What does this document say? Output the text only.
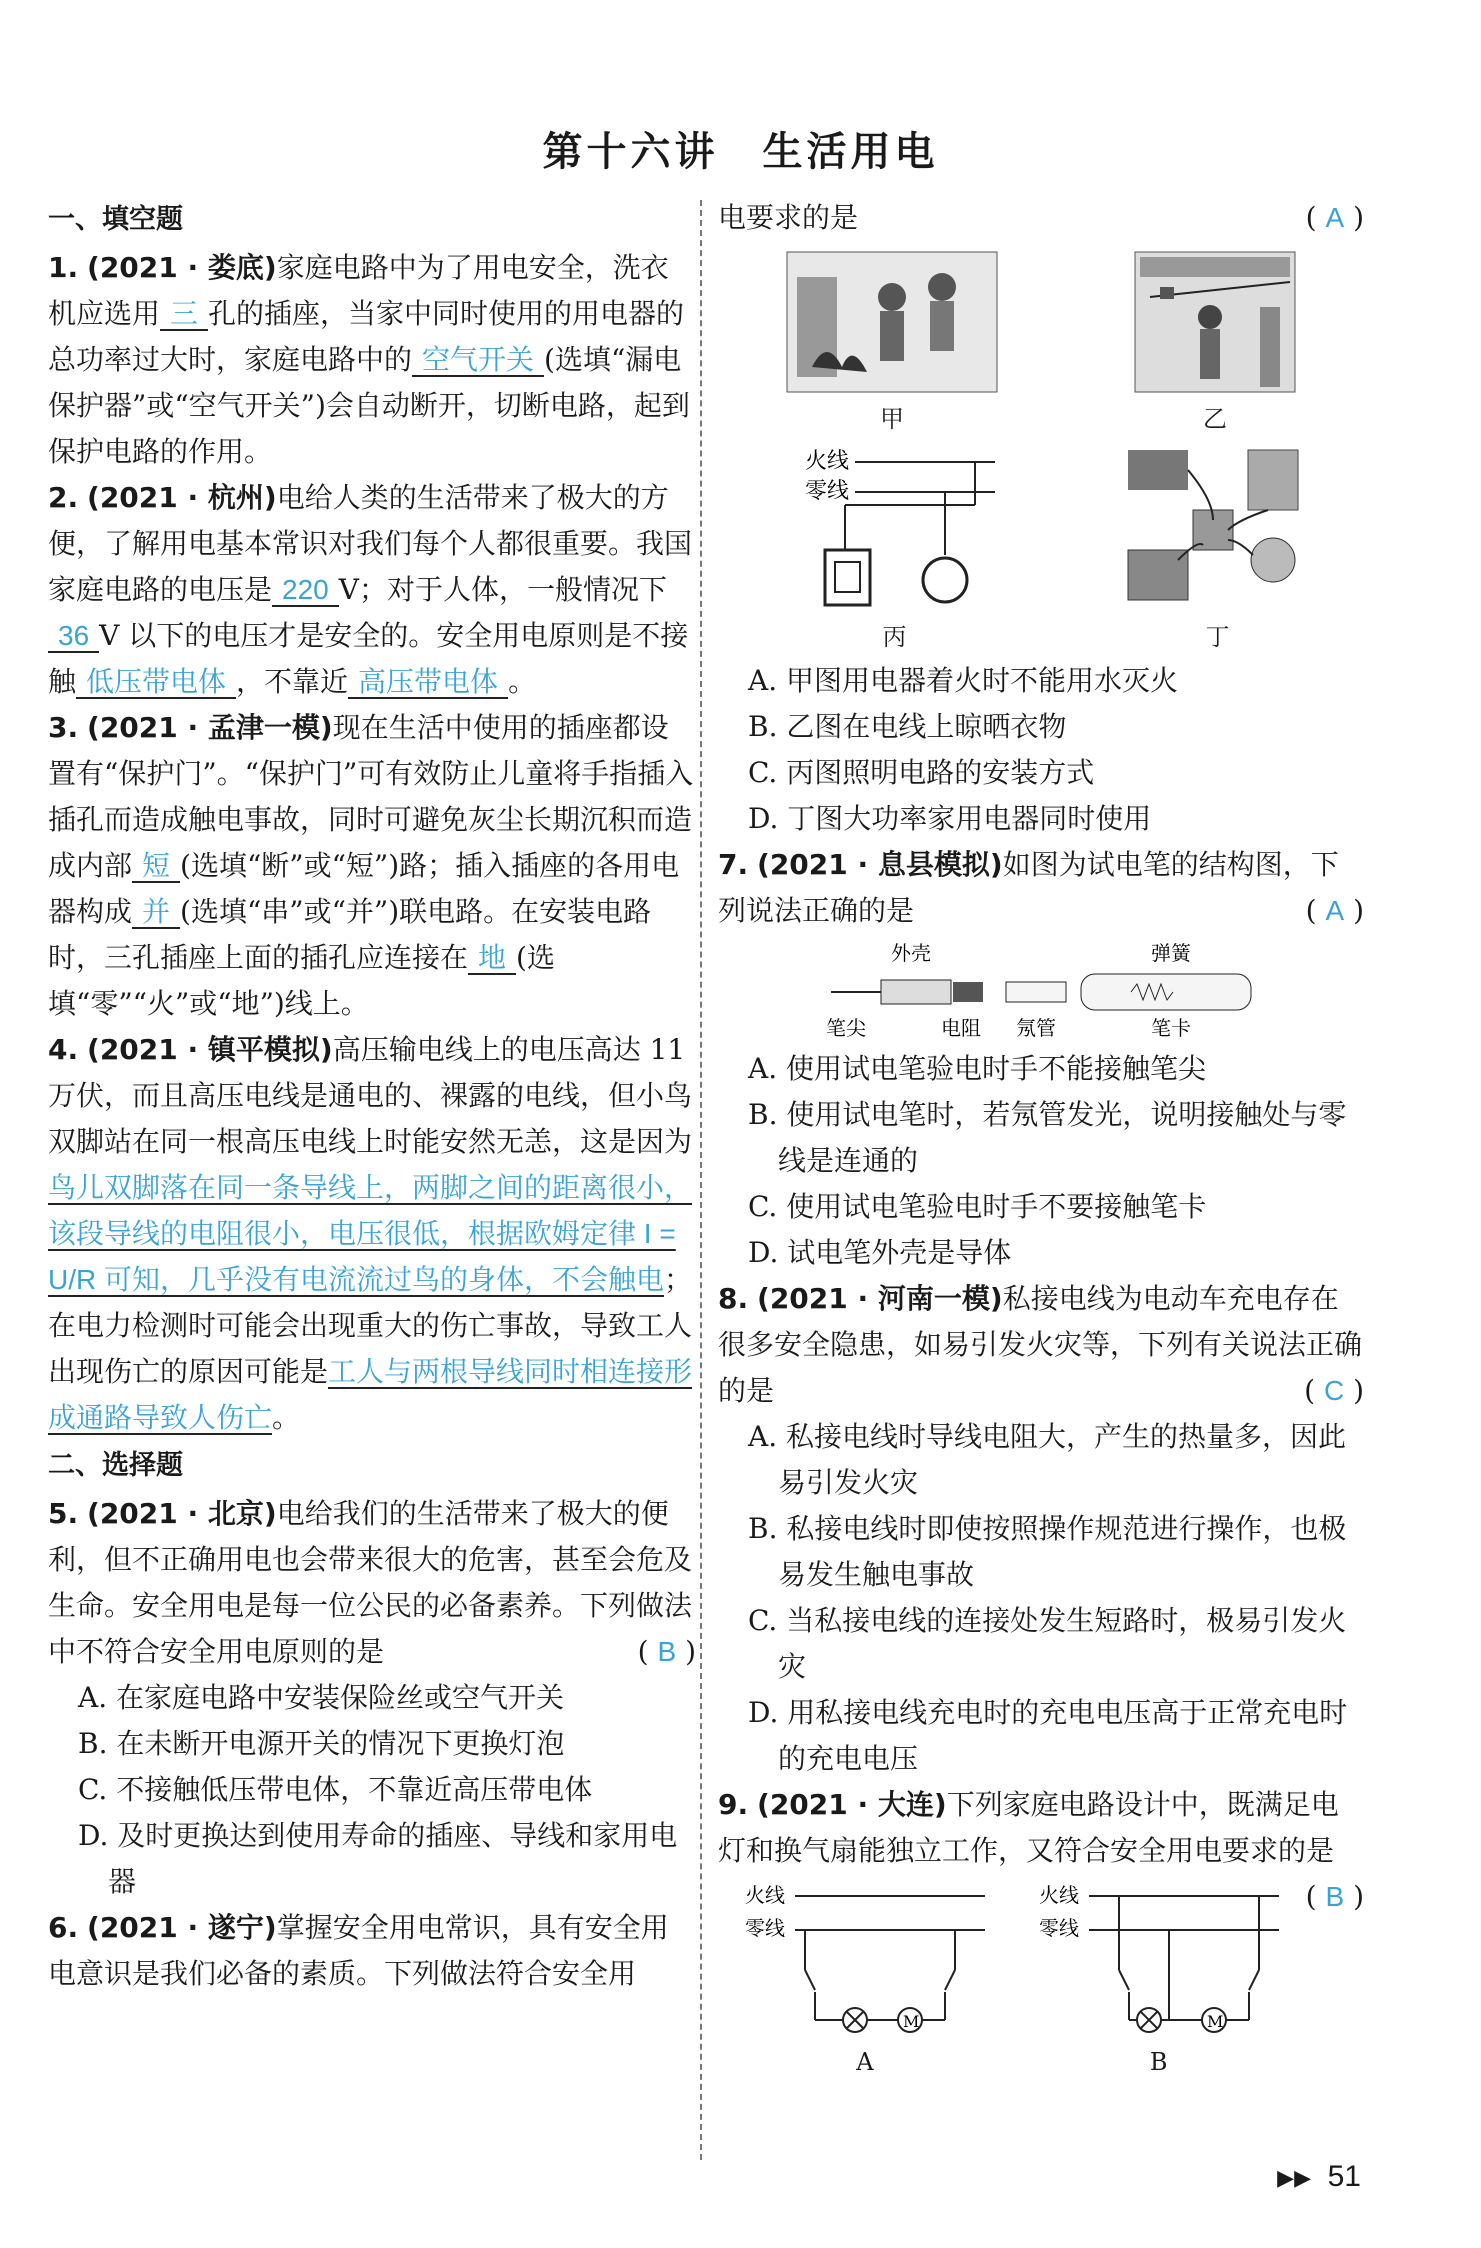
第十六讲　生活用电
一、填空题
1. (2021 · 娄底)家庭电路中为了用电安全，洗衣机应选用 三 孔的插座，当家中同时使用的用电器的总功率过大时，家庭电路中的 空气开关 (选填“漏电保护器”或“空气开关”)会自动断开，切断电路，起到保护电路的作用。
2. (2021 · 杭州)电给人类的生活带来了极大的方便，了解用电基本常识对我们每个人都很重要。我国家庭电路的电压是 220 V；对于人体，一般情况下36 V 以下的电压才是安全的。安全用电原则是不接触 低压带电体 ，不靠近 高压带电体 。
3. (2021 · 孟津一模)现在生活中使用的插座都设置有“保护门”。“保护门”可有效防止儿童将手指插入插孔而造成触电事故，同时可避免灰尘长期沉积而造成内部 短 (选填“断”或“短”)路；插入插座的各用电器构成 并 (选填“串”或“并”)联电路。在安装电路时，三孔插座上面的插孔应连接在 地 (选填“零”“火”或“地”)线上。
4. (2021 · 镇平模拟)高压输电线上的电压高达 11 万伏，而且高压电线是通电的、裸露的电线，但小鸟双脚站在同一根高压电线上时能安然无恙，这是因为鸟儿双脚落在同一条导线上，两脚之间的距离很小，该段导线的电阻很小，电压很低，根据欧姆定律 I = U/R 可知，几乎没有电流流过鸟的身体，不会触电；在电力检测时可能会出现重大的伤亡事故，导致工人出现伤亡的原因可能是工人与两根导线同时相连接形成通路导致人伤亡。
二、选择题
5. (2021 · 北京)电给我们的生活带来了极大的便利，但不正确用电也会带来很大的危害，甚至会危及生命。安全用电是每一位公民的必备素养。下列做法中不符合安全用电原则的是	( B )
A. 在家庭电路中安装保险丝或空气开关
B. 在未断开电源开关的情况下更换灯泡
C. 不接触低压带电体，不靠近高压带电体
D. 及时更换达到使用寿命的插座、导线和家用电器
6. (2021 · 遂宁)掌握安全用电常识，具有安全用电意识是我们必备的素质。下列做法符合安全用
电要求的是	( A )
甲	乙
火线
零线
丙	丁
A. 甲图用电器着火时不能用水灭火
B. 乙图在电线上晾晒衣物
C. 丙图照明电路的安装方式
D. 丁图大功率家用电器同时使用
7. (2021 · 息县模拟)如图为试电笔的结构图，下列说法正确的是	( A )
外壳	弹簧
笔尖	电阻 氖管	笔卡
A. 使用试电笔验电时手不能接触笔尖
B. 使用试电笔时，若氖管发光，说明接触处与零线是连通的
C. 使用试电笔验电时手不要接触笔卡
D. 试电笔外壳是导体
8. (2021 · 河南一模)私接电线为电动车充电存在很多安全隐患，如易引发火灾等，下列有关说法正确的是	( C )
A. 私接电线时导线电阻大，产生的热量多，因此易引发火灾
B. 私接电线时即使按照操作规范进行操作，也极易发生触电事故
C. 当私接电线的连接处发生短路时，极易引发火灾
D. 用私接电线充电时的充电电压高于正常充电时的充电电压
9. (2021 · 大连)下列家庭电路设计中，既满足电灯和换气扇能独立工作，又符合安全用电要求的是
( B )
火线
零线
M
A
火线
零线
M
B
▶▶ 51
